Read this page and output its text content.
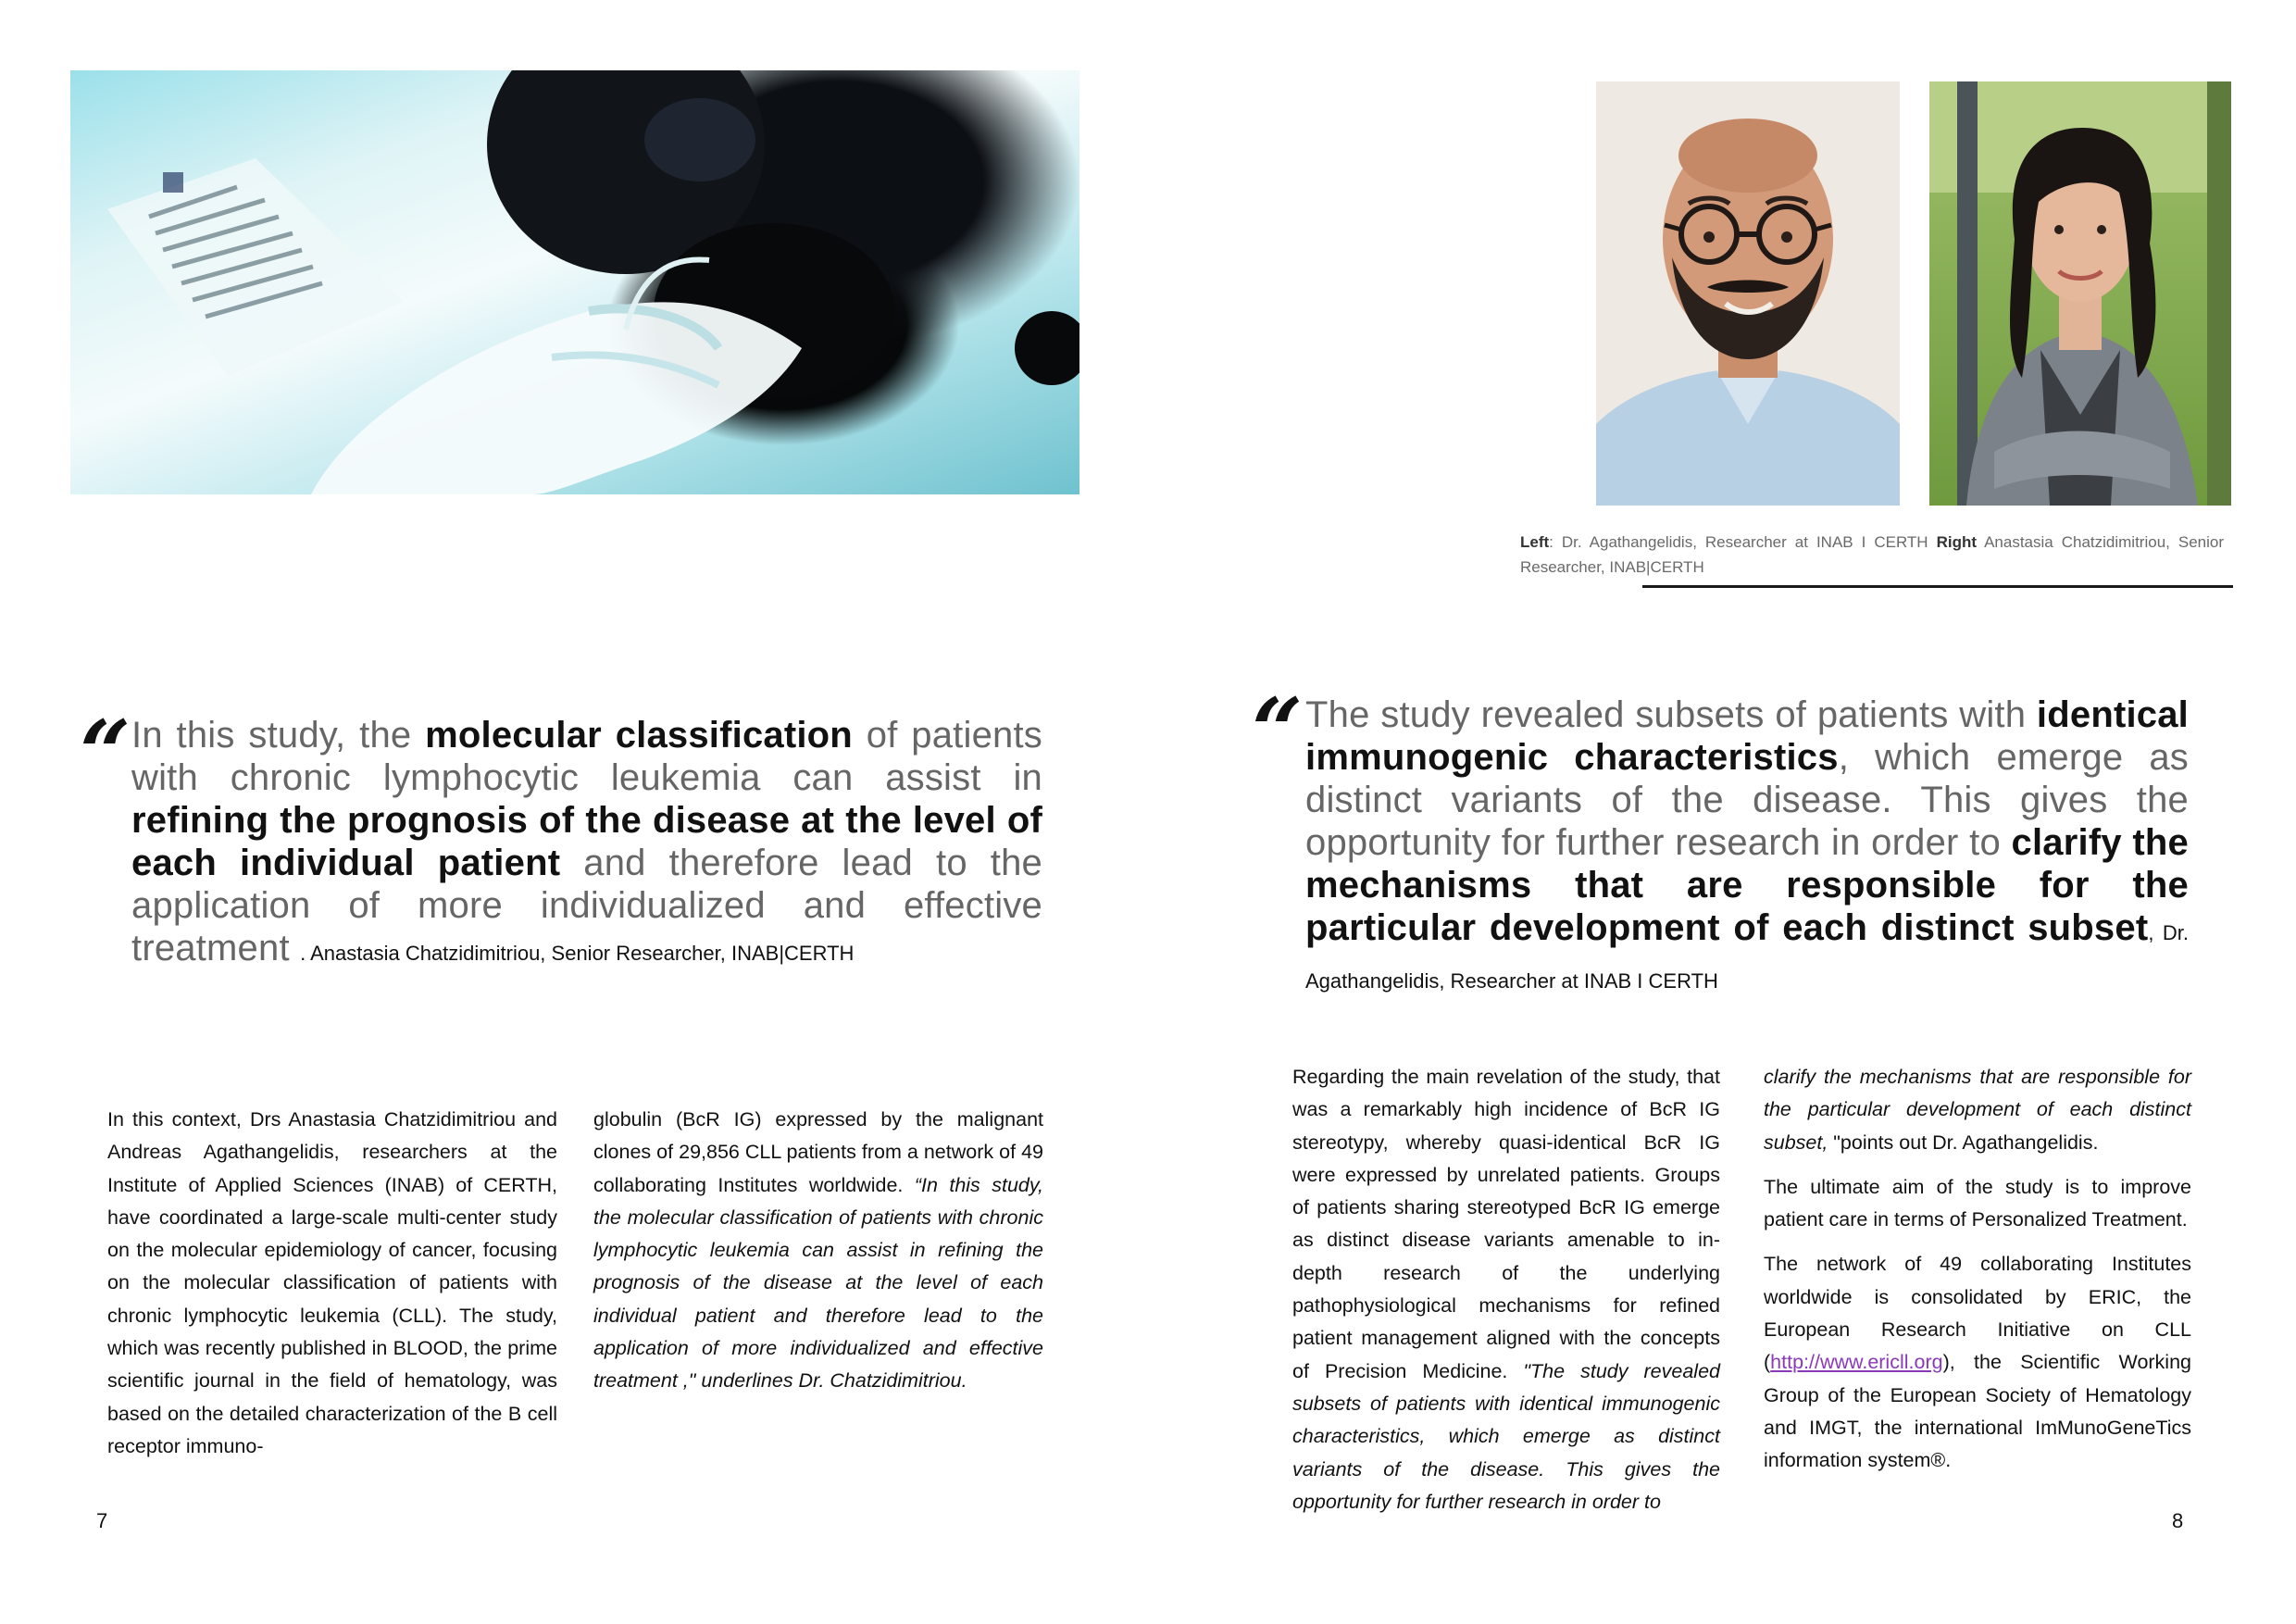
“ In this study, the molecular classification of patients with chronic lymphocytic leukemia can assist in refining the prognosis of the disease at the level of each individual patient and therefore lead to the application of more individualized and effective treatment . Anastasia Chatzidimitriou, Senior Researcher, INAB|CERTH

In this context, Drs Anastasia Chatzidimitriou and Andreas Agathangelidis, researchers at the Institute of Applied Sciences (INAB) of CERTH, have coordinated a large-scale multi-center study on the molecular epidemiology of cancer, focusing on the molecular classification of patients with chronic lymphocytic leukemia (CLL). The study, which was recently published in BLOOD, the prime scientific journal in the field of hematology, was based on the detailed characterization of the B cell receptor immuno-

globulin (BcR IG) expressed by the malignant clones of 29,856 CLL patients from a network of 49 collaborating Institutes worldwide. “In this study, the molecular classification of patients with chronic lymphocytic leukemia can assist in refining the prognosis of the disease at the level of each individual patient and therefore lead to the application of more individualized and effective treatment ," underlines Dr. Chatzidimitriou.

7
Left: Dr. Agathangelidis, Researcher at INAB I CERTH Right Anastasia Chatzidimitriou, Senior Researcher, INAB|CERTH
“ The study revealed subsets of patients with identical immunogenic characteristics, which emerge as distinct variants of the disease. This gives the opportunity for further research in order to clarify the mechanisms that are responsible for the particular development of each distinct subset, Dr. Agathangelidis, Researcher at INAB I CERTH

Regarding the main revelation of the study, that was a remarkably high incidence of BcR IG stereotypy, whereby quasi-identical BcR IG were expressed by unrelated patients. Groups of patients sharing stereotyped BcR IG emerge as distinct disease variants amenable to in-depth research of the underlying pathophysiological mechanisms for refined patient management aligned with the concepts of Precision Medicine. "The study revealed subsets of patients with identical immunogenic characteristics, which emerge as distinct variants of the disease. This gives the opportunity for further research in order to

clarify the mechanisms that are responsible for the particular development of each distinct subset, "points out Dr. Agathangelidis.

The ultimate aim of the study is to improve patient care in terms of Personalized Treatment.

The network of 49 collaborating Institutes worldwide is consolidated by ERIC, the European Research Initiative on CLL (http://www.ericll.org), the Scientific Working Group of the European Society of Hematology and IMGT, the international ImMunoGeneTics information system®.

8
